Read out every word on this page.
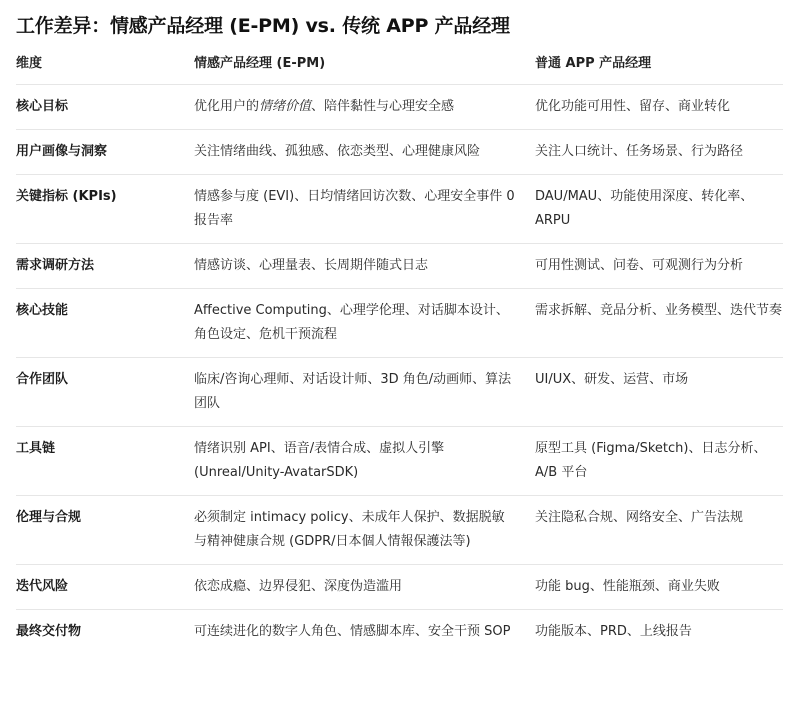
工作差异：情感产品经理 (E-PM) vs. 传统 APP 产品经理
维度	情感产品经理 (E-PM)	普通 APP 产品经理
核心目标	优化用户的情绪价值、陪伴黏性与心理安全感	优化功能可用性、留存、商业转化
用户画像与洞察	关注情绪曲线、孤独感、依恋类型、心理健康风险	关注人口统计、任务场景、行为路径
关键指标 (KPIs)	情感参与度 (EVI)、日均情绪回访次数、心理安全事件 0 报告率	DAU/MAU、功能使用深度、转化率、ARPU
需求调研方法	情感访谈、心理量表、长周期伴随式日志	可用性测试、问卷、可观测行为分析
核心技能	Affective Computing、心理学伦理、对话脚本设计、角色设定、危机干预流程	需求拆解、竞品分析、业务模型、迭代节奏
合作团队	临床/咨询心理师、对话设计师、3D 角色/动画师、算法团队	UI/UX、研发、运营、市场
工具链	情绪识别 API、语音/表情合成、虚拟人引擎 (Unreal/Unity-AvatarSDK)	原型工具 (Figma/Sketch)、日志分析、A/B 平台
伦理与合规	必须制定 intimacy policy、未成年人保护、数据脱敏与精神健康合规 (GDPR/日本個人情報保護法等)	关注隐私合规、网络安全、广告法规
迭代风险	依恋成瘾、边界侵犯、深度伪造滥用	功能 bug、性能瓶颈、商业失败
最终交付物	可连续进化的数字人角色、情感脚本库、安全干预 SOP	功能版本、PRD、上线报告
